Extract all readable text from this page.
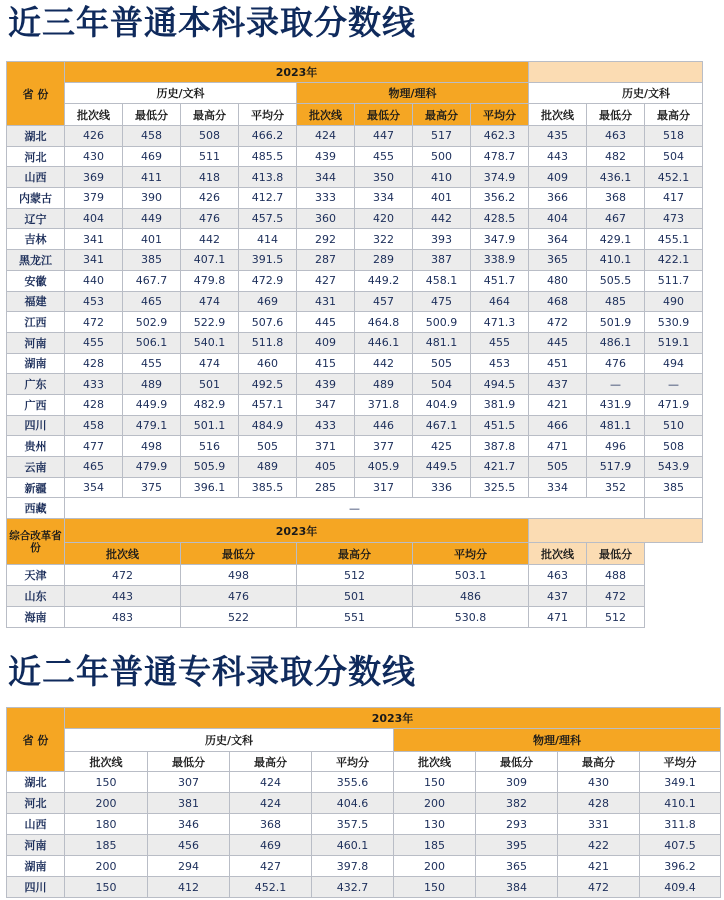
近三年普通本科录取分数线
省 份	2023年										
	历史/文科				物理/理科				历史/文科		
	批次线	最低分	最高分	平均分	批次线	最低分	最高分	平均分	批次线	最低分	最高分
湖北	426	458	508	466.2	424	447	517	462.3	435	463	518
河北	430	469	511	485.5	439	455	500	478.7	443	482	504
山西	369	411	418	413.8	344	350	410	374.9	409	436.1	452.1
内蒙古	379	390	426	412.7	333	334	401	356.2	366	368	417
辽宁	404	449	476	457.5	360	420	442	428.5	404	467	473
吉林	341	401	442	414	292	322	393	347.9	364	429.1	455.1
黑龙江	341	385	407.1	391.5	287	289	387	338.9	365	410.1	422.1
安徽	440	467.7	479.8	472.9	427	449.2	458.1	451.7	480	505.5	511.7
福建	453	465	474	469	431	457	475	464	468	485	490
江西	472	502.9	522.9	507.6	445	464.8	500.9	471.3	472	501.9	530.9
河南	455	506.1	540.1	511.8	409	446.1	481.1	455	445	486.1	519.1
湖南	428	455	474	460	415	442	505	453	451	476	494
广东	433	489	501	492.5	439	489	504	494.5	437	—	—
广西	428	449.9	482.9	457.1	347	371.8	404.9	381.9	421	431.9	471.9
四川	458	479.1	501.1	484.9	433	446	467.1	451.5	466	481.1	510
贵州	477	498	516	505	371	377	425	387.8	471	496	508
云南	465	479.9	505.9	489	405	405.9	449.5	421.7	505	517.9	543.9
新疆	354	375	396.1	385.5	285	317	336	325.5	334	352	385
西藏	—										
综合改革省份	2023年										
	批次线		最低分		最高分		平均分		批次线	最低分	
天津	472		498		512		503.1		463	488	
山东	443		476		501		486		437	472	
海南	483		522		551		530.8		471	512	
近二年普通专科录取分数线
省 份	2023年							
	历史/文科				物理/理科			
	批次线	最低分	最高分	平均分	批次线	最低分	最高分	平均分
湖北	150	307	424	355.6	150	309	430	349.1
河北	200	381	424	404.6	200	382	428	410.1
山西	180	346	368	357.5	130	293	331	311.8
河南	185	456	469	460.1	185	395	422	407.5
湖南	200	294	427	397.8	200	365	421	396.2
四川	150	412	452.1	432.7	150	384	472	409.4
